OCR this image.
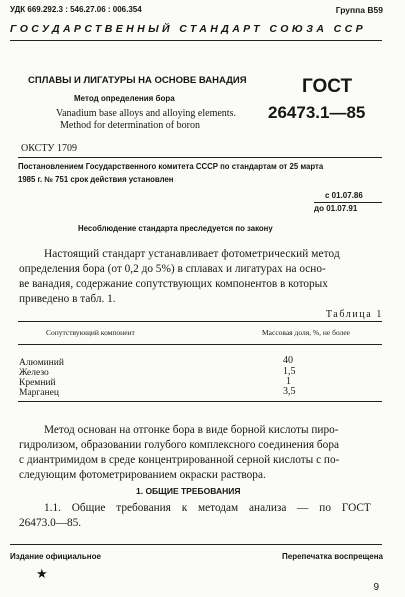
УДК 669.292.3 : 546.27.06 : 006.354	Группа В59
ГОСУДАРСТВЕННЫЙ СТАНДАРТ СОЮЗА ССР
СПЛАВЫ И ЛИГАТУРЫ НА ОСНОВЕ ВАНАДИЯ
Метод определения бора
Vanadium base alloys and alloying elements.
Method for determination of boron
ГОСТ
26473.1—85
ОКСТУ 1709
Постановлением Государственного комитета СССР по стандартам от 25 марта
1985 г. № 751 срок действия установлен
с 01.07.86
до 01.07.91
Несоблюдение стандарта преследуется по закону
Настоящий стандарт устанавливает фотометрический метод
определения бора (от 0,2 до 5%) в сплавах и лигатурах на осно-
ве ванадия, содержание сопутствующих компонентов в которых
приведено в табл. 1.
Таблица 1
Сопутствующий компонент	Массовая доля, %, не более
Алюминий	40
Железо	1,5
Кремний	1
Марганец	3,5
Метод основан на отгонке бора в виде борной кислоты пиро-
гидролизом, образовании голубого комплексного соединения бора
с диантримидом в среде концентрированной серной кислоты с по-
следующим фотометрированием окраски раствора.
1. ОБЩИЕ ТРЕБОВАНИЯ
1.1. Общие требования к методам анализа — по ГОСТ
26473.0—85.
Издание официальное	Перепечатка воспрещена
★
9
